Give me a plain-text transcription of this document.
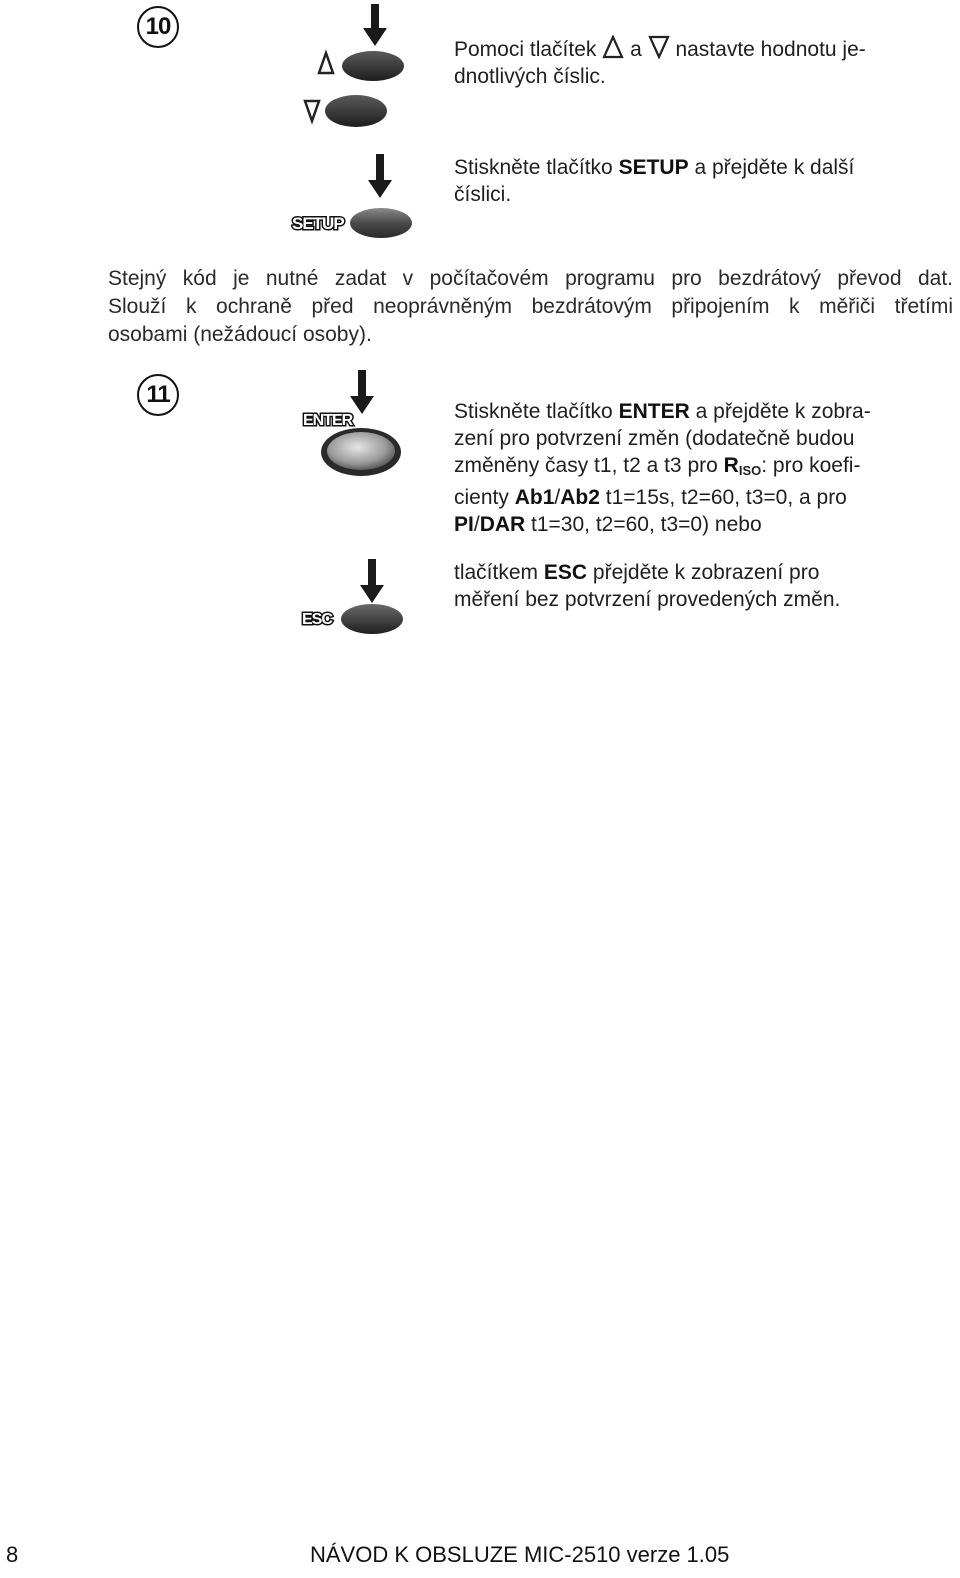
10
Pomoci tlačítek a nastavte hodnotu je-
dnotlivých číslic.
SETUP
Stiskněte tlačítko SETUP a přejděte k další
číslici.
Stejný kód je nutné zadat v počítačovém programu pro bezdrátový převod dat.
Slouží k ochraně před neoprávněným bezdrátovým připojením k měřiči třetími
osobami (nežádoucí osoby).
11
ENTER	Stiskněte tlačítko ENTER a přejděte k zobra-
zení pro potvrzení změn (dodatečně budou
změněny časy t1, t2 a t3 pro $R_{ISO}$: pro koefi-
cienty Ab1/Ab2 t1=15s, t2=60, t3=0, a pro
PI/DAR t1=30, t2=60, t3=0) nebo
ESC
tlačítkem ESC přejděte k zobrazení pro
měření bez potvrzení provedených změn.
8	NÁVOD K OBSLUZE MIC-2510 verze 1.05
